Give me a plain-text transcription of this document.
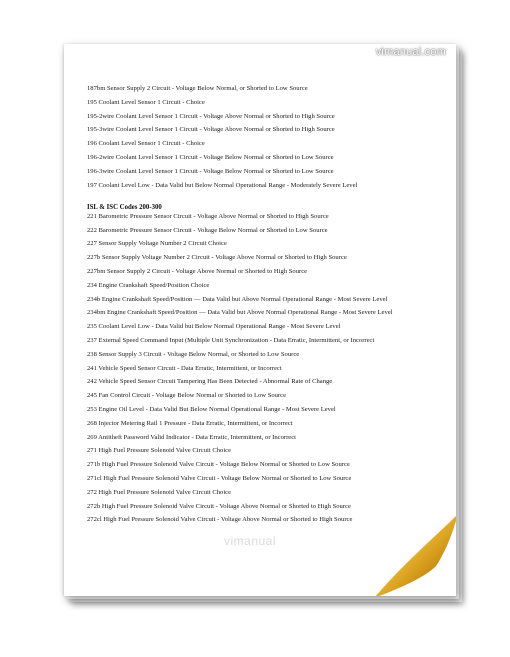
vimanual.com
187bm Sensor Supply 2 Circuit - Voltage Below Normal, or Shorted to Low Source
195 Coolant Level Sensor 1 Circuit - Choice
195-2wire Coolant Level Sensor 1 Circuit - Voltage Above Normal or Shorted to High Source
195-3wire Coolant Level Sensor 1 Circuit - Voltage Above Normal or Shorted to High Source
196 Coolant Level Sensor 1 Circuit - Choice
196-2wire Coolant Level Sensor 1 Circuit - Voltage Below Normal or Shorted to Low Source
196-3wire Coolant Level Sensor 1 Circuit - Voltage Below Normal or Shorted to Low Source
197 Coolant Level Low - Data Valid but Below Normal Operational Range - Moderately Severe Level
ISL & ISC Codes 200-300
221 Barometric Pressure Sensor Circuit - Voltage Above Normal or Shorted to High Source
222 Barometric Pressure Sensor Circuit - Voltage Below Normal or Shorted to Low Source
227 Sensor Supply Voltage Number 2 Circuit Choice
227b Sensor Supply Voltage Number 2 Circuit - Voltage Above Normal or Shorted to High Source
227bm Sensor Supply 2 Circuit - Voltage Above Normal or Shorted to High Source
234 Engine Crankshaft Speed/Position Choice
234b Engine Crankshaft Speed/Position — Data Valid but Above Normal Operational Range - Most Severe Level
234bm Engine Crankshaft Speed/Position — Data Valid but Above Normal Operational Range - Most Severe Level
235 Coolant Level Low - Data Valid but Below Normal Operational Range - Most Severe Level
237 External Speed Command Input (Multiple Unit Synchronization - Data Erratic, Intermittent, or Incorrect
238 Sensor Supply 3 Circuit - Voltage Below Normal, or Shorted to Low Source
241 Vehicle Speed Sensor Circuit - Data Erratic, Intermittent, or Incorrect
242 Vehicle Speed Sensor Circuit Tampering Has Been Detected - Abnormal Rate of Change
245 Fan Control Circuit - Voltage Below Normal or Shorted to Low Source
253 Engine Oil Level - Data Valid But Below Normal Operational Range - Most Severe Level
268 Injector Metering Rail 1 Pressure - Data Erratic, Intermittent, or Incorrect
269 Antitheft Password Valid Indicator - Data Erratic, Intermittent, or Incorrect
271 High Fuel Pressure Solenoid Valve Circuit Choice
271b High Fuel Pressure Solenoid Valve Circuit - Voltage Below Normal or Shorted to Low Source
271cl High Fuel Pressure Solenoid Valve Circuit - Voltage Below Normal or Shorted to Low Source
272 High Fuel Pressure Solenoid Valve Circuit Choice
272b High Fuel Pressure Solenoid Valve Circuit - Voltage Above Normal or Shorted to High Source
272cl High Fuel Pressure Solenoid Valve Circuit - Voltage Above Normal or Shorted to High Source
vimanual
